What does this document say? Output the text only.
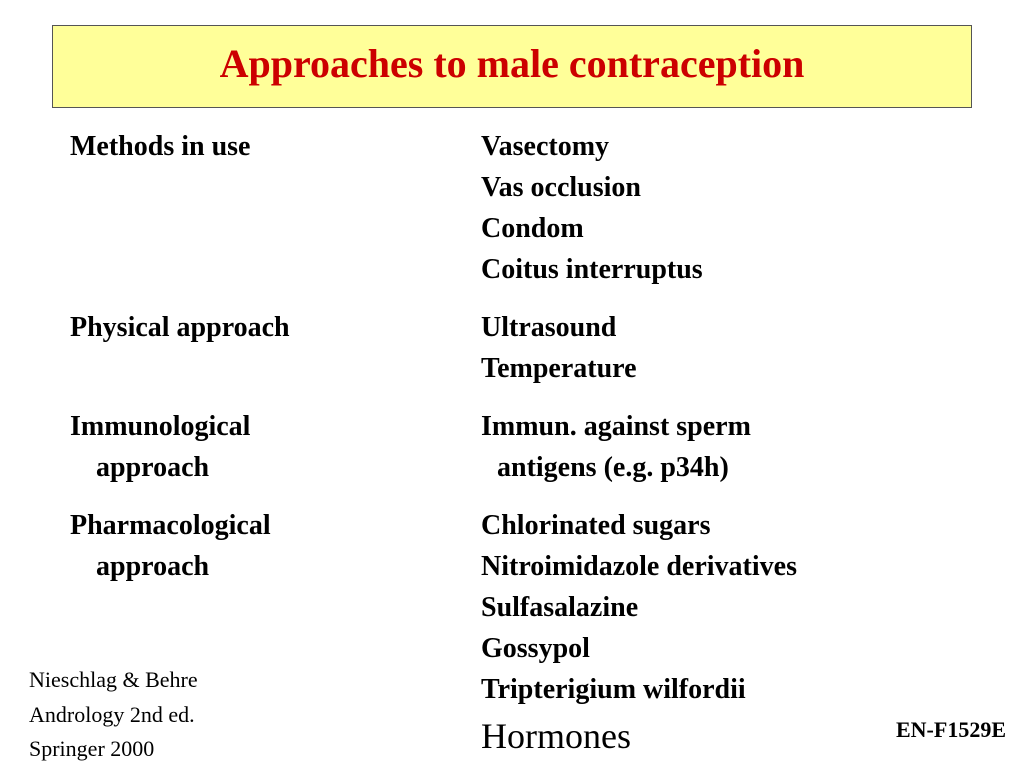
Approaches to male contraception
Methods in use	Vasectomy
Vas occlusion
Condom
Coitus interruptus
Physical approach	Ultrasound
Temperature
Immunological
approach
Immun. against sperm
antigens (e.g. p34h)
Pharmacological
approach
Chlorinated sugars
Nitroimidazole derivatives
Sulfasalazine
Gossypol
Tripterigium wilfordii
Hormones
Nieschlag & Behre
Andrology 2nd ed.
Springer 2000
EN-F1529E
